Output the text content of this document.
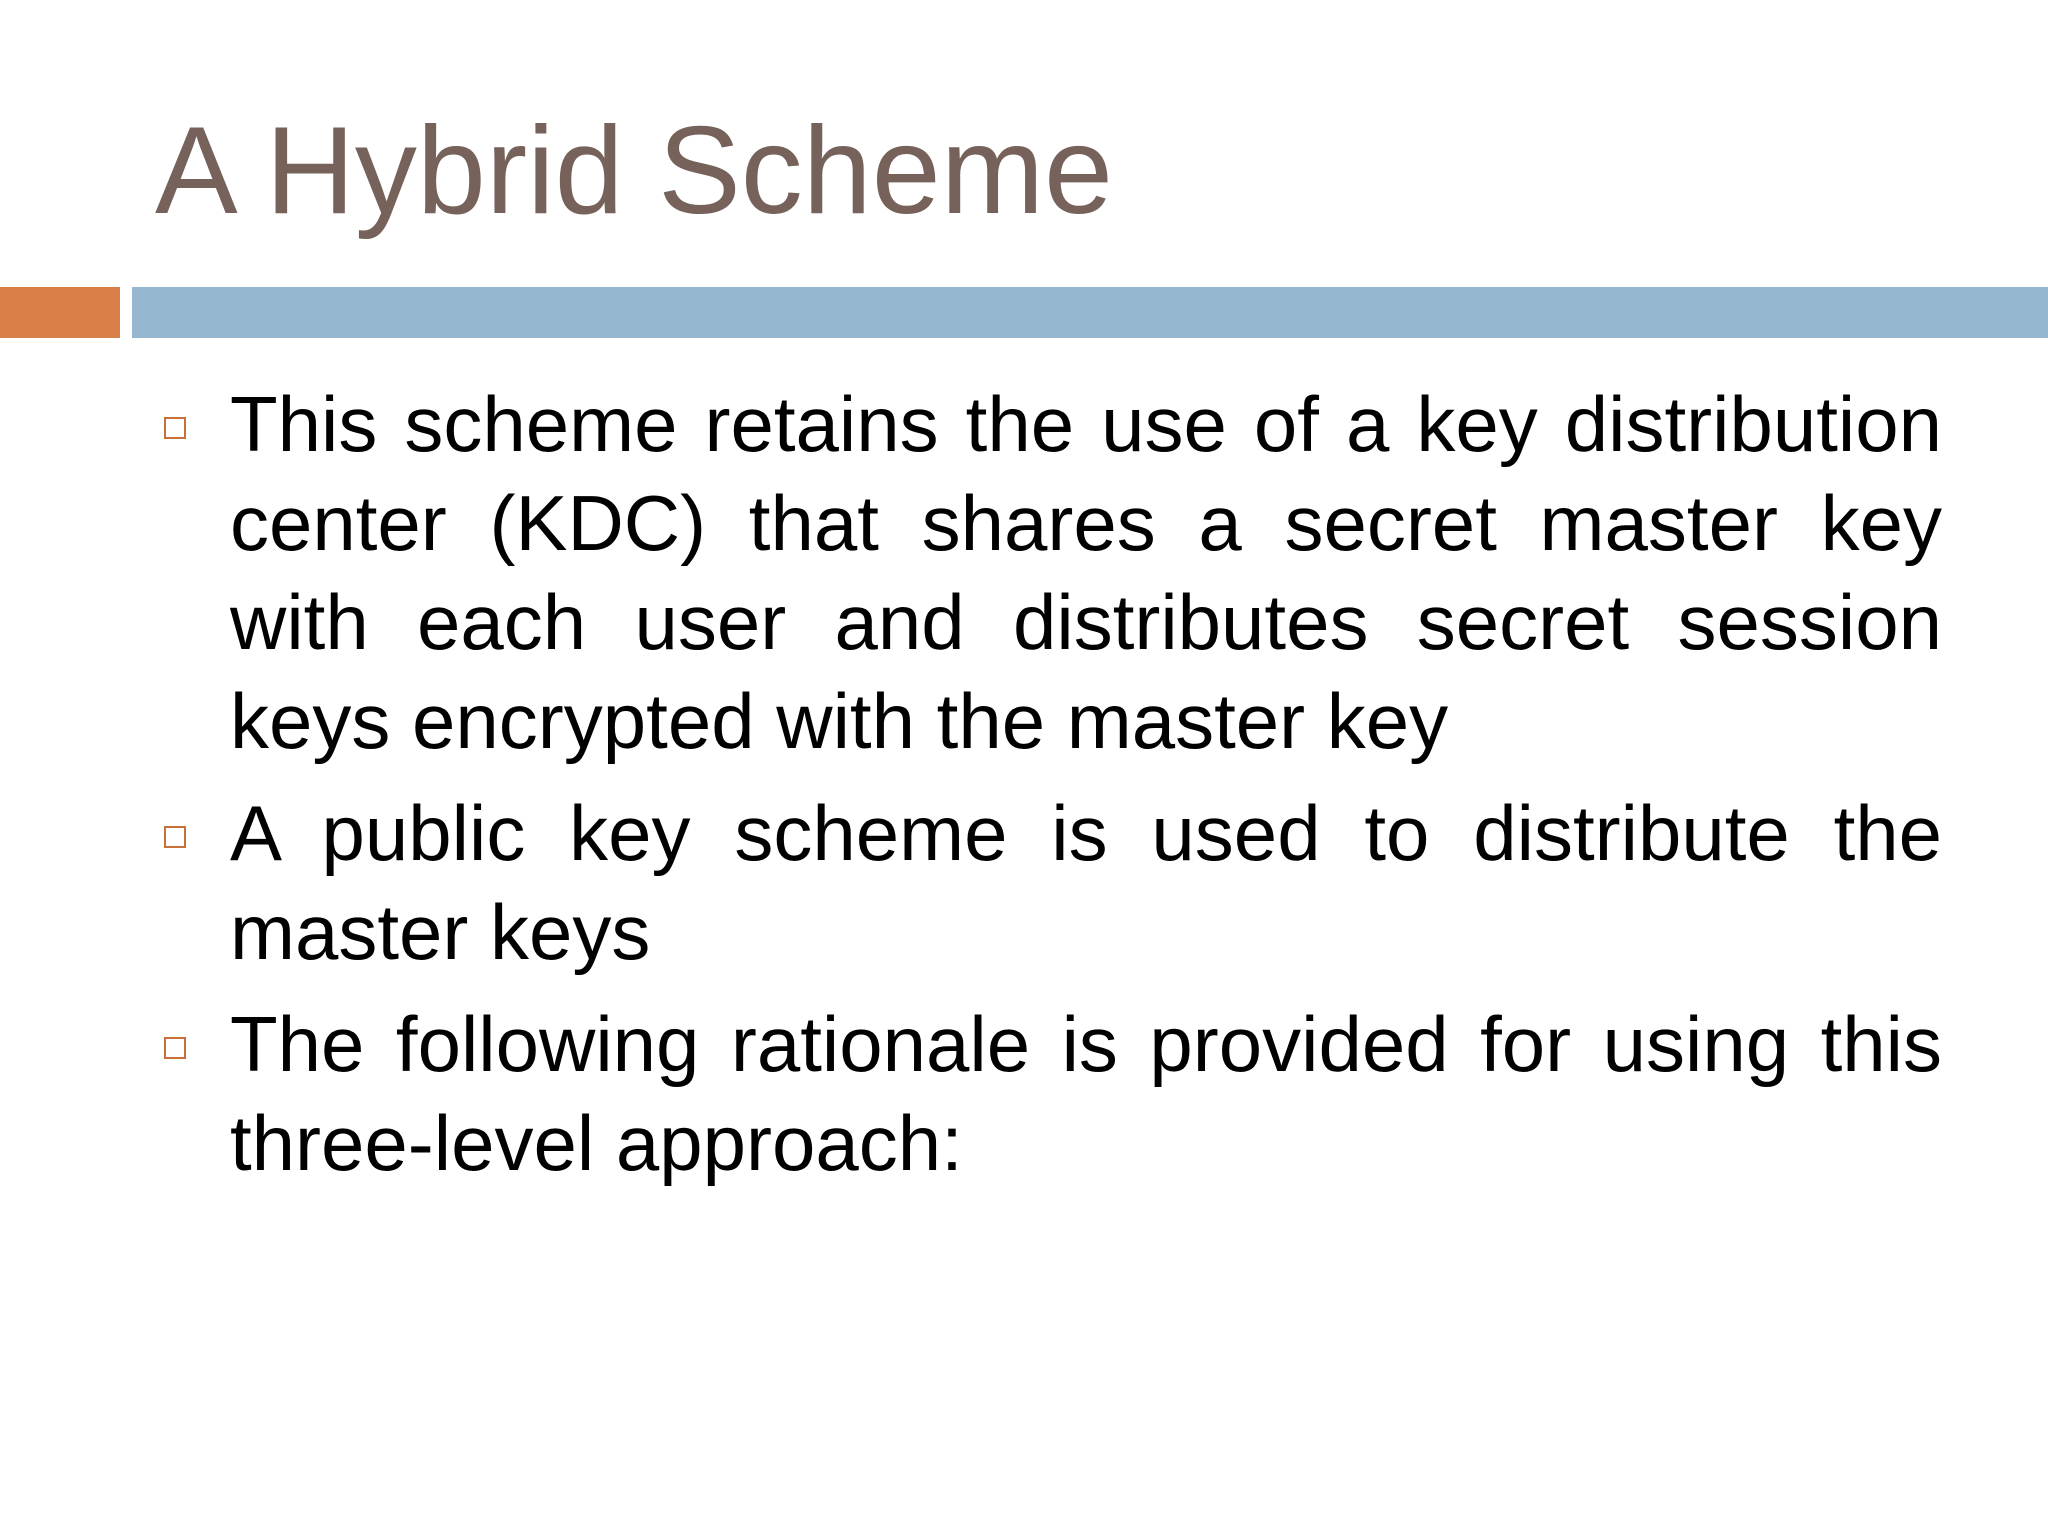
A Hybrid Scheme

This scheme retains the use of a key distribution center (KDC) that shares a secret master key with each user and distributes secret session keys encrypted with the master key

A public key scheme is used to distribute the master keys

The following rationale is provided for using this three-level approach:
